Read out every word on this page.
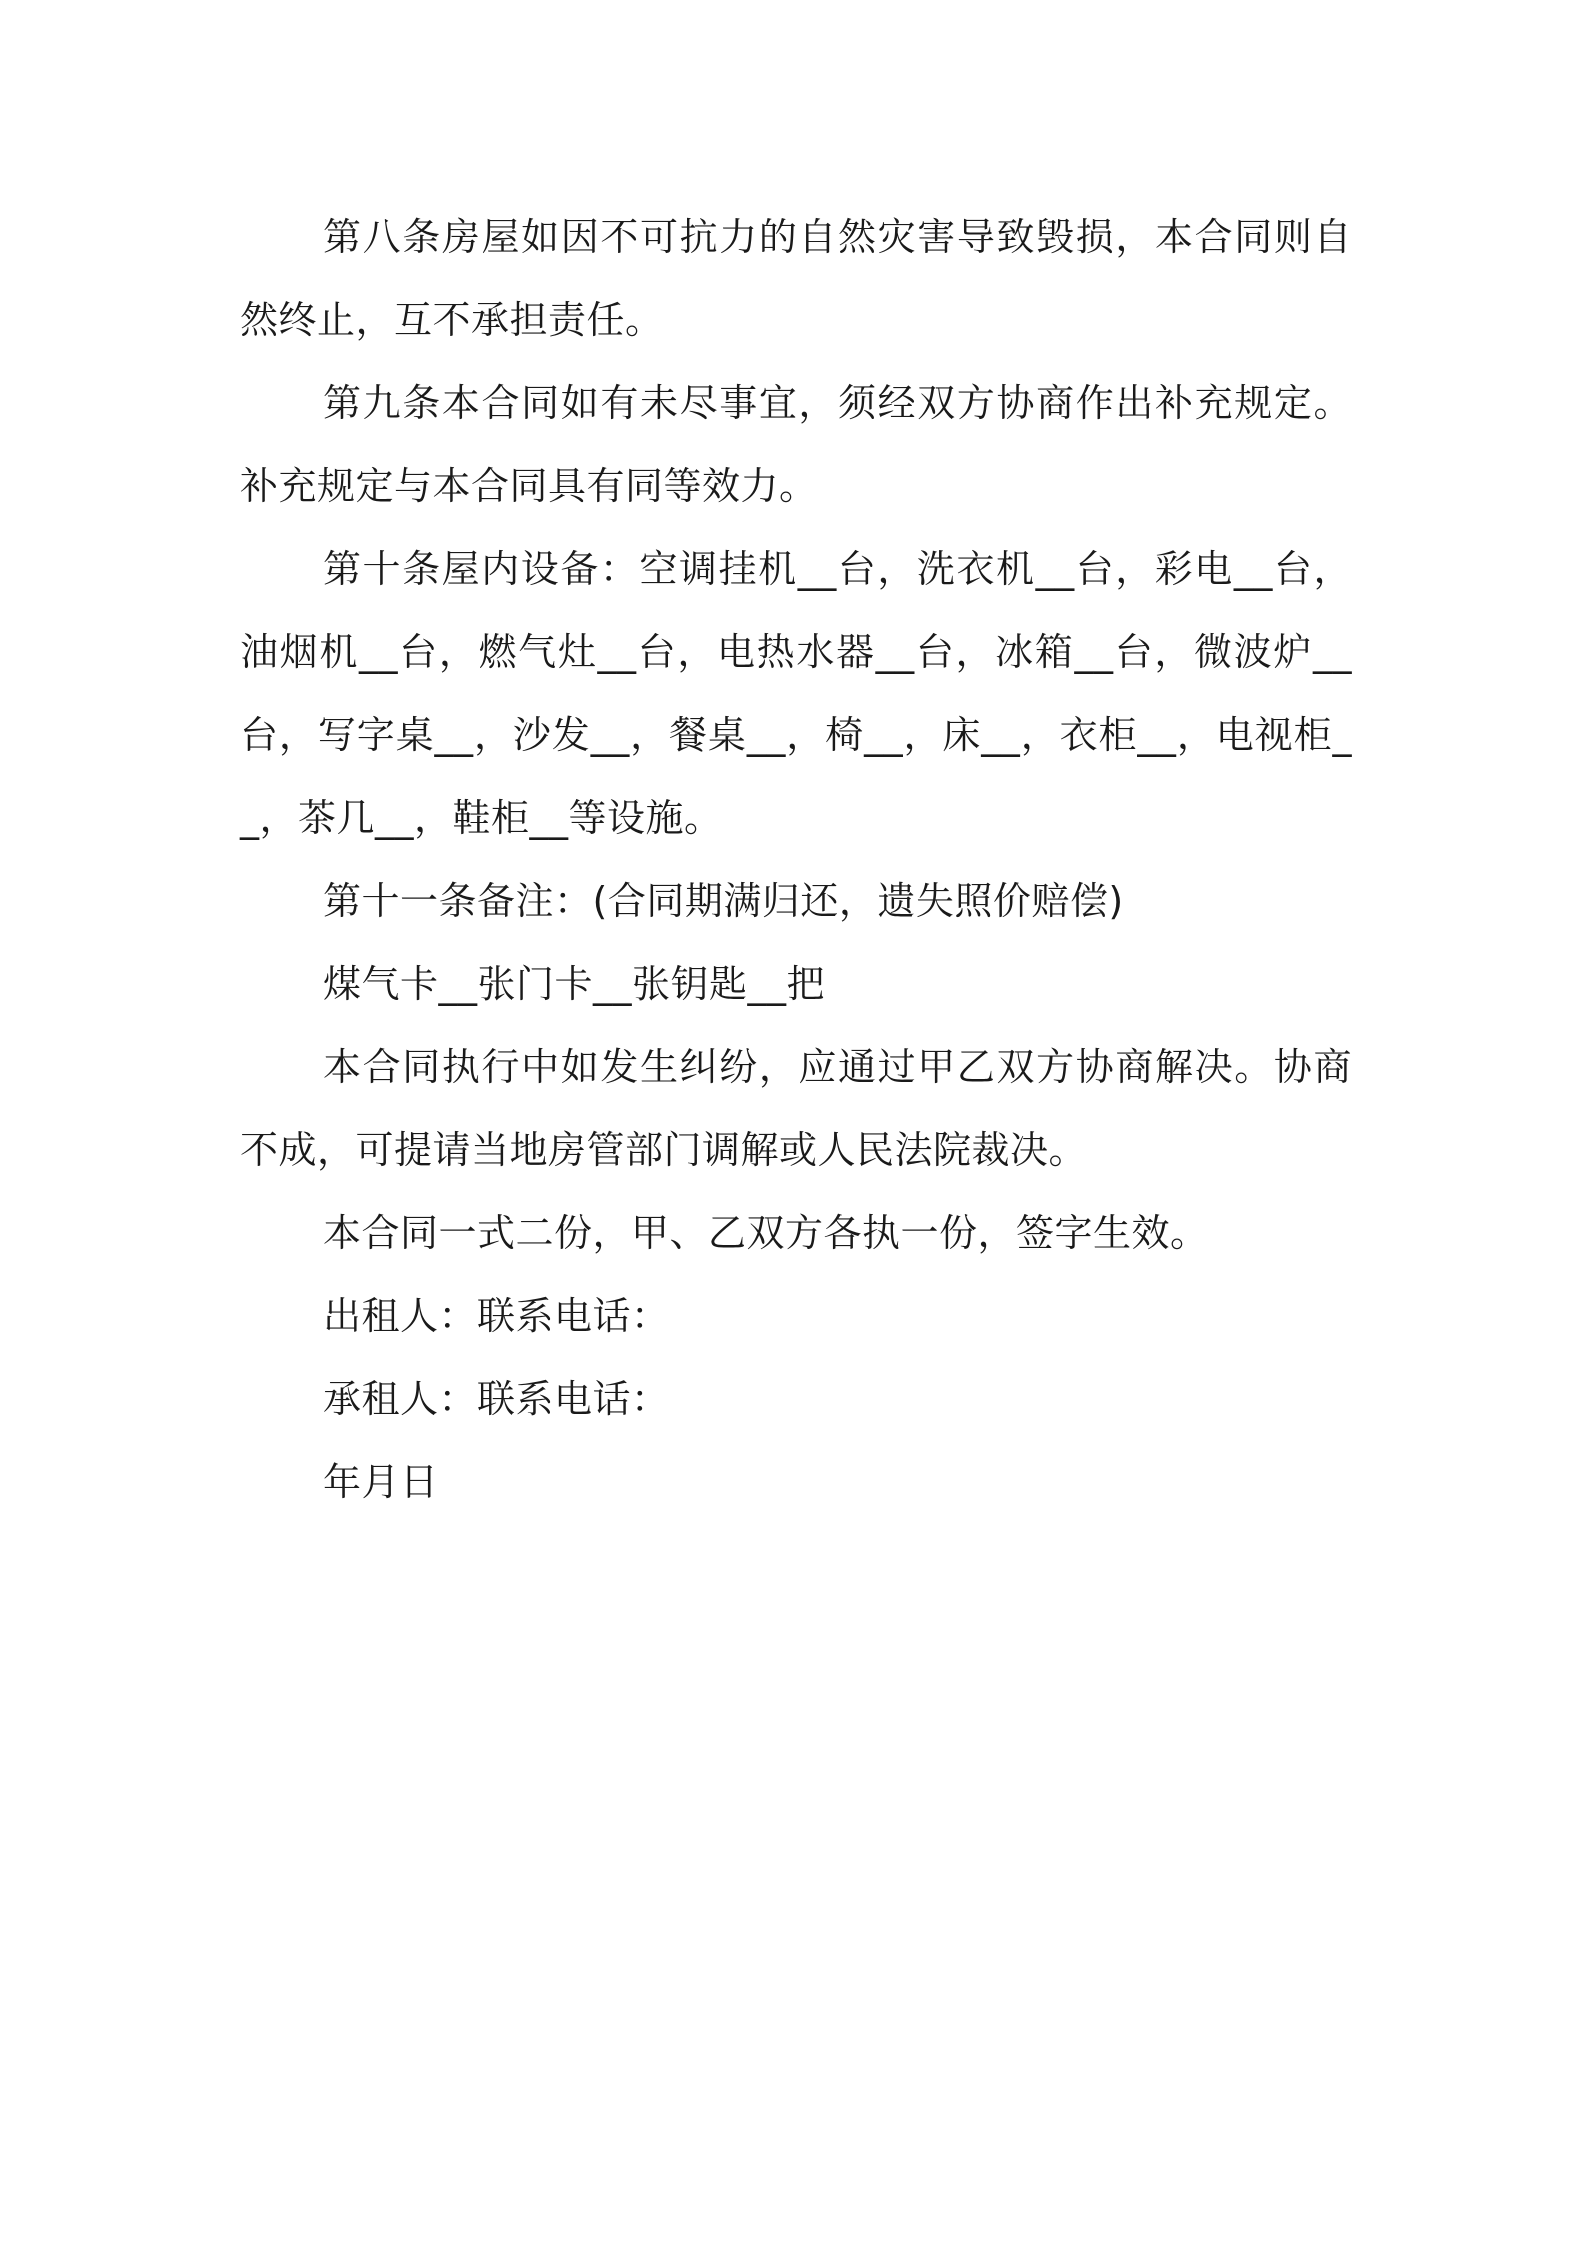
第八条房屋如因不可抗力的自然灾害导致毁损，本合同则自然终止，互不承担责任。

第九条本合同如有未尽事宜，须经双方协商作出补充规定。补充规定与本合同具有同等效力。

第十条屋内设备：空调挂机__台，洗衣机__台，彩电__台，油烟机__台，燃气灶__台，电热水器__台，冰箱__台，微波炉__台，写字桌__，沙发__，餐桌__，椅__，床__，衣柜__，电视柜__，茶几__，鞋柜__等设施。

第十一条备注：(合同期满归还，遗失照价赔偿)

煤气卡__张门卡__张钥匙__把

本合同执行中如发生纠纷，应通过甲乙双方协商解决。协商不成，可提请当地房管部门调解或人民法院裁决。

本合同一式二份，甲、乙双方各执一份，签字生效。

出租人：联系电话：

承租人：联系电话：

年月日
